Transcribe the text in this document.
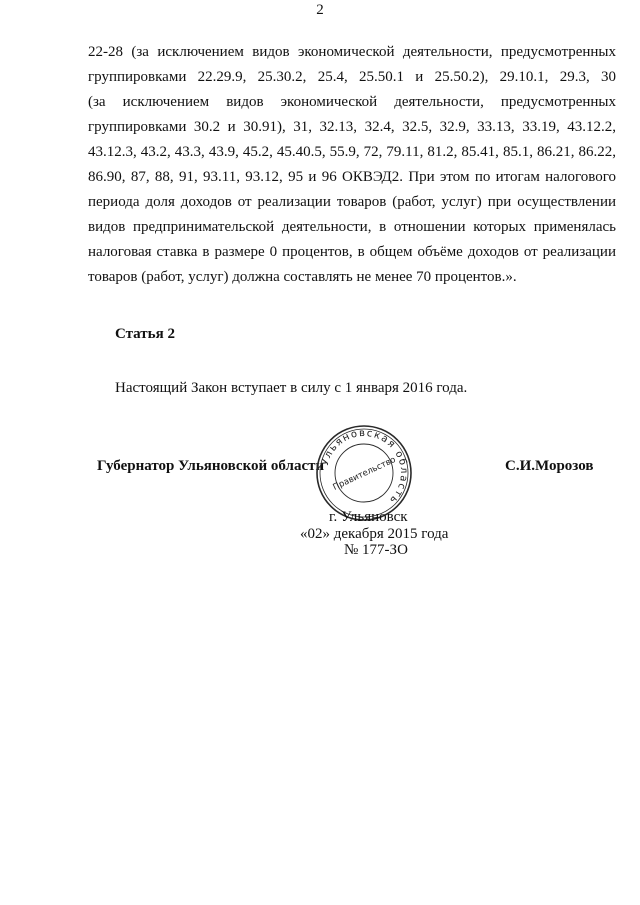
2
22-28 (за исключением видов экономической деятельности, предусмотренных
группировками 22.29.9, 25.30.2, 25.4, 25.50.1 и 25.50.2), 29.10.1, 29.3, 30
(за исключением видов экономической деятельности, предусмотренных
группировками 30.2 и 30.91), 31, 32.13, 32.4, 32.5, 32.9, 33.13, 33.19, 43.12.2,
43.12.3, 43.2, 43.3, 43.9, 45.2, 45.40.5, 55.9, 72, 79.11, 81.2, 85.41, 85.1, 86.21, 86.22,
86.90, 87, 88, 91, 93.11, 93.12, 95 и 96 ОКВЭД2. При этом по итогам налогового
периода доля доходов от реализации товаров (работ, услуг) при осуществлении
видов предпринимательской деятельности, в отношении которых применялась
налоговая ставка в размере 0 процентов, в общем объёме доходов от реализации
товаров (работ, услуг) должна составлять не менее 70 процентов.».
Статья 2
Настоящий Закон вступает в силу с 1 января 2016 года.
Губернатор Ульяновской области
Ульяновская область
Правительство	С.И.Морозов
г. Ульяновск
«02» декабря 2015 года
№ 177-ЗО
